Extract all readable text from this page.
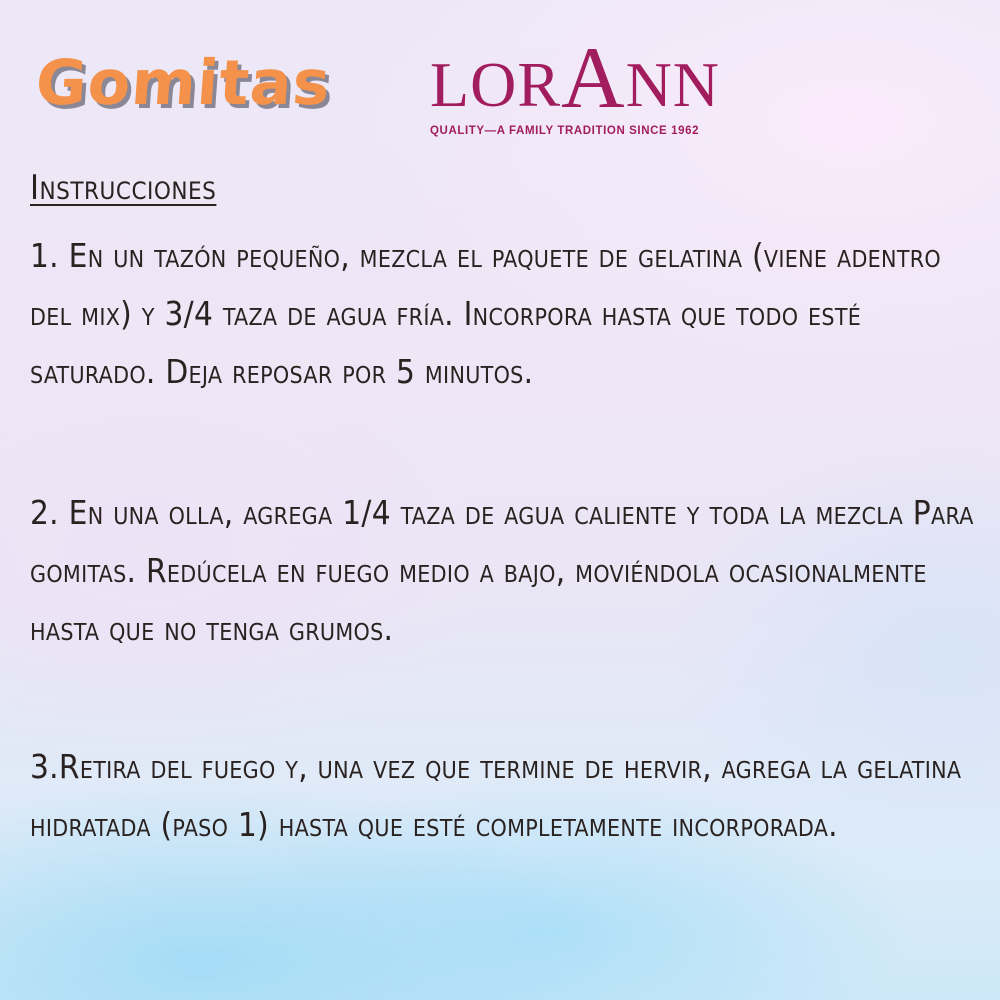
Gomitas LOR A NN
QUALITY—A FAMILY TRADITION SINCE 1962
Instrucciones
1. En un tazón pequeño, mezcla el paquete de gelatina (viene adentro del mix) y 3/4 taza de agua fría. Incorpora hasta que todo esté saturado. Deja reposar por 5 minutos.
2. En una olla, agrega 1/4 taza de agua caliente y toda la mezcla Para gomitas. Redúcela en fuego medio a bajo, moviéndola ocasionalmente hasta que no tenga grumos.
3.Retira del fuego y, una vez que termine de hervir, agrega la gelatina hidratada (paso 1) hasta que esté completamente incorporada.
